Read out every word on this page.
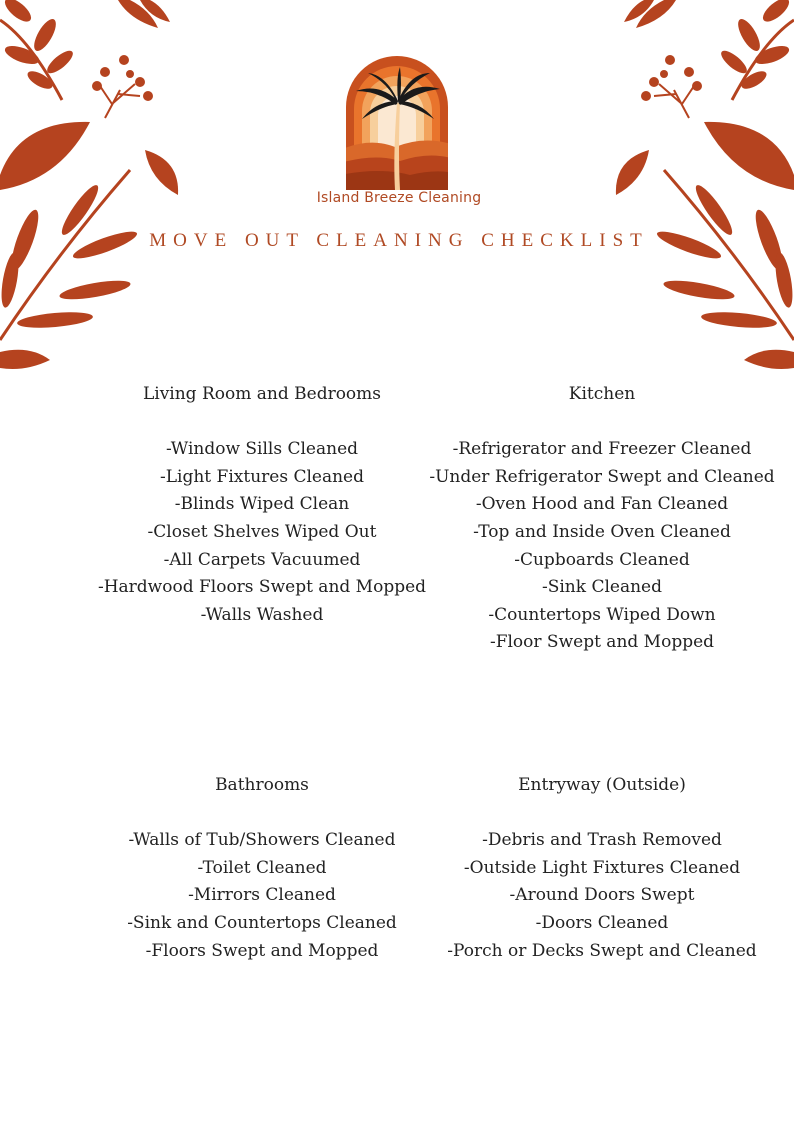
Island Breeze Cleaning
MOVE OUT CLEANING CHECKLIST
Living Room and Bedrooms
-Window Sills Cleaned
-Light Fixtures Cleaned
-Blinds Wiped Clean
-Closet Shelves Wiped Out
-All Carpets Vacuumed
-Hardwood Floors Swept and Mopped
-Walls Washed
Kitchen
-Refrigerator and Freezer Cleaned
-Under Refrigerator Swept and Cleaned
-Oven Hood and Fan Cleaned
-Top and Inside Oven Cleaned
-Cupboards Cleaned
-Sink Cleaned
-Countertops Wiped Down
-Floor Swept and Mopped
Bathrooms
-Walls of Tub/Showers Cleaned
-Toilet Cleaned
-Mirrors Cleaned
-Sink and Countertops Cleaned
-Floors Swept and Mopped
Entryway (Outside)
-Debris and Trash Removed
-Outside Light Fixtures Cleaned
-Around Doors Swept
-Doors Cleaned
-Porch or Decks Swept and Cleaned
